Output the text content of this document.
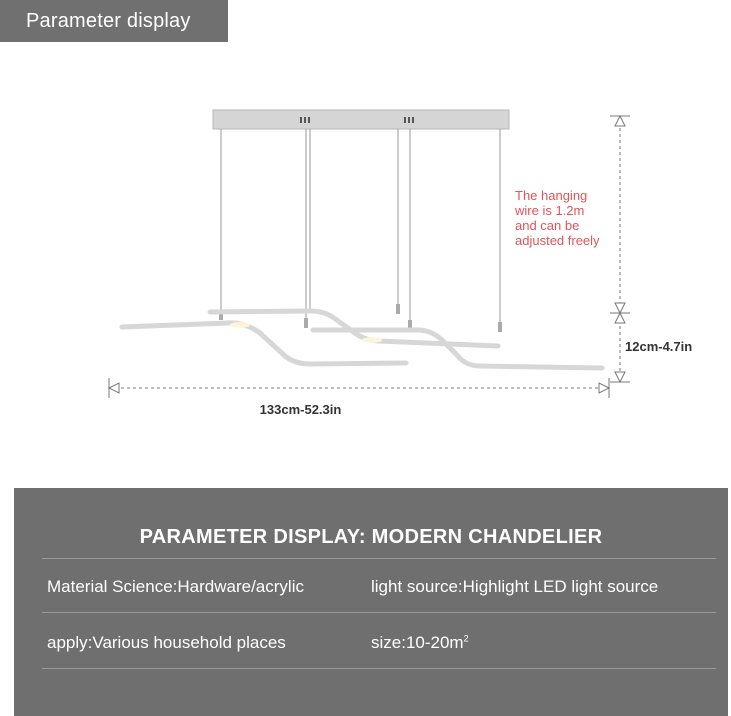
Parameter display
The hanging
wire is 1.2m
and can be
adjusted freely
133cm-52.3in
12cm-4.7in
PARAMETER DISPLAY: MODERN CHANDELIER
Material Science:Hardware/acrylic	light source:Highlight LED light source
apply:Various household places	$size:10-20m^2$
